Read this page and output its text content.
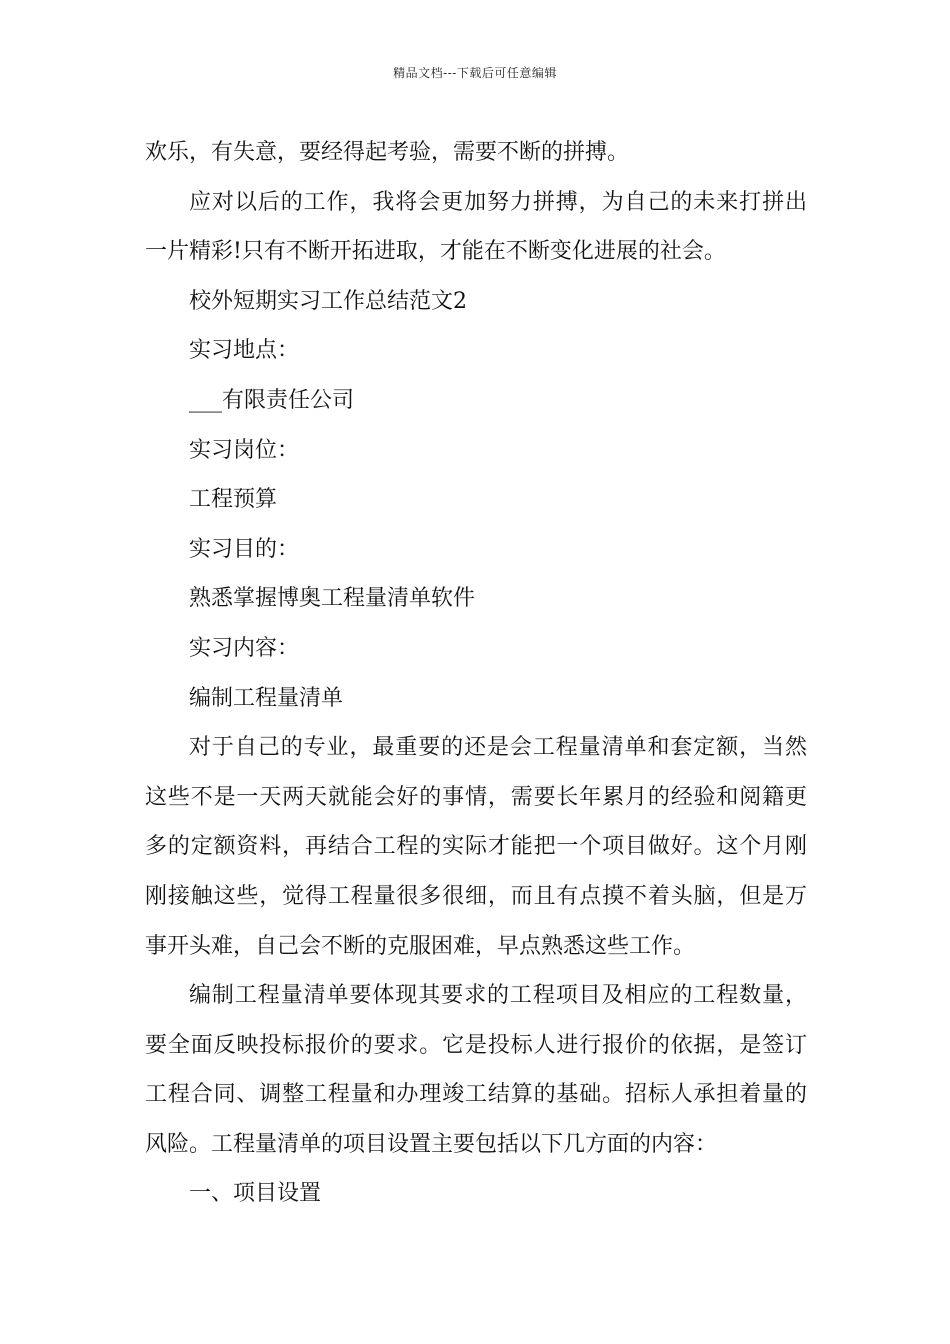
精品文档---下载后可任意编辑
欢乐，有失意，要经得起考验，需要不断的拼搏。
应对以后的工作，我将会更加努力拼搏，为自己的未来打拼出
一片精彩!只有不断开拓进取，才能在不断变化进展的社会。
校外短期实习工作总结范文2
实习地点：
___有限责任公司
实习岗位：
工程预算
实习目的：
熟悉掌握博奥工程量清单软件
实习内容：
编制工程量清单
对于自己的专业，最重要的还是会工程量清单和套定额，当然
这些不是一天两天就能会好的事情，需要长年累月的经验和阅籍更
多的定额资料，再结合工程的实际才能把一个项目做好。这个月刚
刚接触这些，觉得工程量很多很细，而且有点摸不着头脑，但是万
事开头难，自己会不断的克服困难，早点熟悉这些工作。
编制工程量清单要体现其要求的工程项目及相应的工程数量，
要全面反映投标报价的要求。它是投标人进行报价的依据，是签订
工程合同、调整工程量和办理竣工结算的基础。招标人承担着量的
风险。工程量清单的项目设置主要包括以下几方面的内容：
一、项目设置
